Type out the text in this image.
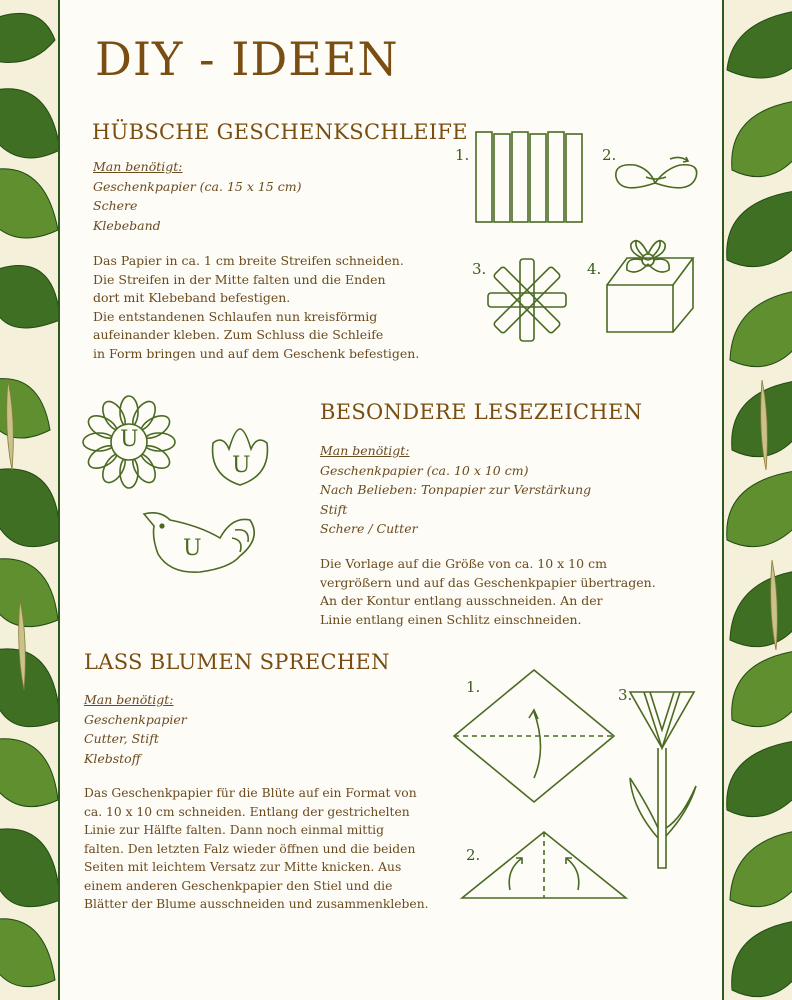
DIY - IDEEN
HÜBSCHE GESCHENKSCHLEIFE
Man benötigt:
Geschenkpapier (ca. 15 x 15 cm)
Schere
Klebeband
Das Papier in ca. 1 cm breite Streifen schneiden.
Die Streifen in der Mitte falten und die Enden
dort mit Klebeband befestigen.
Die entstandenen Schlaufen nun kreisförmig
aufeinander kleben. Zum Schluss die Schleife
in Form bringen und auf dem Geschenk befestigen.
1.	2.
3.	4.
U
U
U
BESONDERE LESEZEICHEN
Man benötigt:
Geschenkpapier (ca. 10 x 10 cm)
Nach Belieben: Tonpapier zur Verstärkung
Stift
Schere / Cutter
Die Vorlage auf die Größe von ca. 10 x 10 cm
vergrößern und auf das Geschenkpapier übertragen.
An der Kontur entlang ausschneiden. An der
Linie entlang einen Schlitz einschneiden.
LASS BLUMEN SPRECHEN
Man benötigt:
Geschenkpapier
Cutter, Stift
Klebstoff
Das Geschenkpapier für die Blüte auf ein Format von
ca. 10 x 10 cm schneiden. Entlang der gestrichelten
Linie zur Hälfte falten. Dann noch einmal mittig
falten. Den letzten Falz wieder öffnen und die beiden
Seiten mit leichtem Versatz zur Mitte knicken. Aus
einem anderen Geschenkpapier den Stiel und die
Blätter der Blume ausschneiden und zusammenkleben.
1.
2.
3.
